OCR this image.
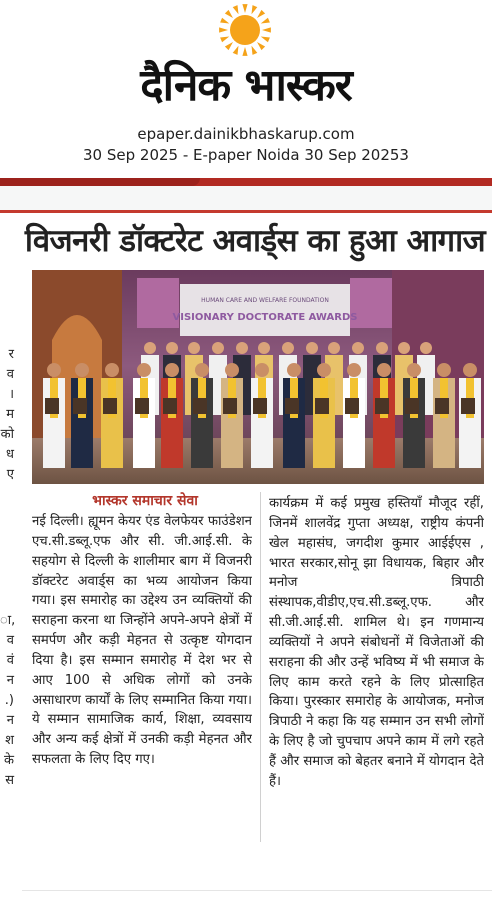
दैनिक भास्कर
epaper.dainikbhaskarup.com
30 Sep 2025 - E-paper Noida 30 Sep 20253
र
व
।
म
को
ध
ए
ा,
व
वं
न
.)
न
श
के
स
विजनरी डॉक्टरेट अवार्ड्स का हुआ आगाज
HUMAN CARE AND WELFARE FOUNDATION
VISIONARY DOCTORATE AWARDS
भास्कर समाचार सेवा
नई दिल्ली। ह्यूमन केयर एंड वेलफेयर फाउंडेशन एच.सी.डब्लू.एफ और सी. जी.आई.सी. के सहयोग से दिल्ली के शालीमार बाग में विजनरी डॉक्टरेट अवार्ड्स का भव्य आयोजन किया गया। इस समारोह का उद्देश्य उन व्यक्तियों की सराहना करना था जिन्होंने अपने-अपने क्षेत्रों में समर्पण और कड़ी मेहनत से उत्कृष्ट योगदान दिया है। इस सम्मान समारोह में देश भर से आए 100 से अधिक लोगों को उनके असाधारण कार्यों के लिए सम्मानित किया गया। ये सम्मान सामाजिक कार्य, शिक्षा, व्यवसाय और अन्य कई क्षेत्रों में उनकी कड़ी मेहनत और सफलता के लिए दिए गए।
कार्यक्रम में कई प्रमुख हस्तियाँ मौजूद रहीं, जिनमें शालवेंद्र गुप्ता अध्यक्ष, राष्ट्रीय कंपनी खेल महासंघ, जगदीश कुमार आईईएस , भारत सरकार,सोनू झा विधायक, बिहार और मनोज त्रिपाठी संस्थापक,वीडीए,एच.सी.डब्लू.एफ. और सी.जी.आई.सी. शामिल थे। इन गणमान्य व्यक्तियों ने अपने संबोधनों में विजेताओं की सराहना की और उन्हें भविष्य में भी समाज के लिए काम करते रहने के लिए प्रोत्साहित किया। पुरस्कार समारोह के आयोजक, मनोज त्रिपाठी ने कहा कि यह सम्मान उन सभी लोगों के लिए है जो चुपचाप अपने काम में लगे रहते हैं और समाज को बेहतर बनाने में योगदान देते हैं।
